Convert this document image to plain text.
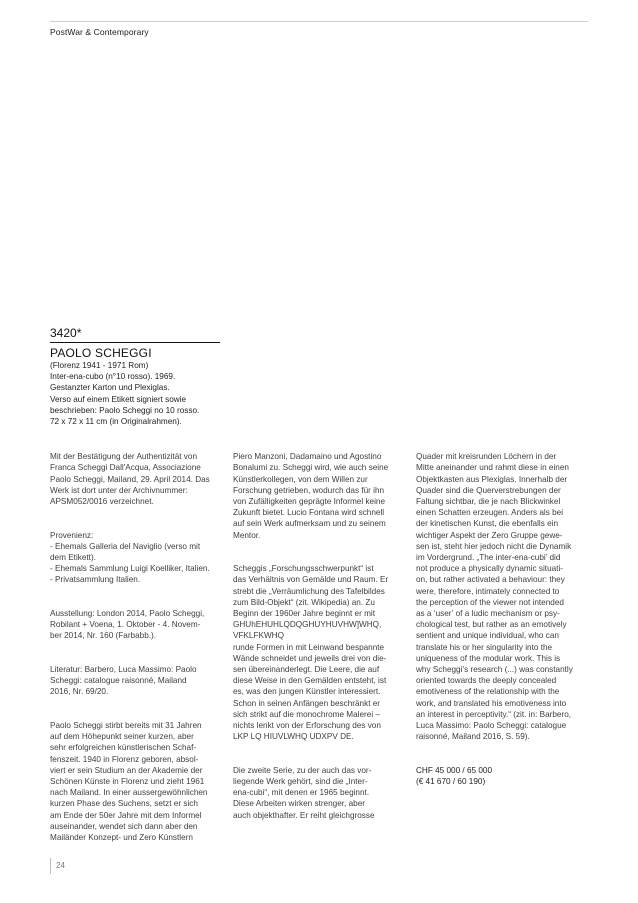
PostWar & Contemporary
3420*
PAOLO SCHEGGI
(Florenz 1941 - 1971 Rom)
Inter-ena-cubo (n°10 rosso). 1969.
Gestanzter Karton und Plexiglas.
Verso auf einem Etikett signiert sowie
beschrieben: Paolo Scheggi no 10 rosso.
72 x 72 x 11 cm (in Originalrahmen).

Mit der Bestätigung der Authentizität von
Franca Scheggi Dall'Acqua, Associazione
Paolo Scheggi, Mailand, 29. April 2014. Das
Werk ist dort unter der Archivnummer:
APSM052/0016 verzeichnet.

Provenienz:
- Ehemals Galleria del Naviglio (verso mit
dem Etikett).
- Ehemals Sammlung Luigi Koelliker, Italien.
- Privatsammlung Italien.

Ausstellung: London 2014, Paolo Scheggi,
Robilant + Voena, 1. Oktober - 4. Novem-
ber 2014, Nr. 160 (Farbabb.).

Literatur: Barbero, Luca Massimo: Paolo
Scheggi: catalogue raisonné, Mailand
2016, Nr. 69/20.

Paolo Scheggi stirbt bereits mit 31 Jahren
auf dem Höhepunkt seiner kurzen, aber
sehr erfolgreichen künstlerischen Schaf-
fenszeit. 1940 in Florenz geboren, absol-
viert er sein Studium an der Akademie der
Schönen Künste in Florenz und zieht 1961
nach Mailand. In einer aussergewöhnlichen
kurzen Phase des Suchens, setzt er sich
am Ende der 50er Jahre mit dem Informel
auseinander, wendet sich dann aber den
Mailänder Konzept- und Zero Künstlern

Piero Manzoni, Dadamaino und Agostino
Bonalumi zu. Scheggi wird, wie auch seine
Künstlerkollegen, von dem Willen zur
Forschung getrieben, wodurch das für ihn
von Zufälligkeiten geprägte Informel keine
Zukunft bietet. Lucio Fontana wird schnell
auf sein Werk aufmerksam und zu seinem
Mentor.

Scheggis „Forschungsschwerpunkt“ ist
das Verhältnis von Gemälde und Raum. Er
strebt die „Verräumlichung des Tafelbildes
zum Bild-Objekt“ (zit. Wikipedia) an. Zu
Beginn der 1960er Jahre beginnt er mit
GHUhEHUHLQDQGHUYHUVHW]WHQ, VFKLFKWHQ
runde Formen in mit Leinwand bespannte
Wände schneidet und jeweils drei von die-
sen übereinanderlegt. Die Leere, die auf
diese Weise in den Gemälden entsteht, ist
es, was den jungen Künstler interessiert.
Schon in seinen Anfängen beschränkt er
sich strikt auf die monochrome Malerei –
nichts lenkt von der Erforschung des von
LKP LQ HIUVLWHQ UDXPV DE.

Die zweite Serie, zu der auch das vor-
liegende Werk gehört, sind die „Inter-
ena-cubi“, mit denen er 1965 beginnt.
Diese Arbeiten wirken strenger, aber
auch objekthafter. Er reiht gleichgrosse

Quader mit kreisrunden Löchern in der
Mitte aneinander und rahmt diese in einen
Objektkasten aus Plexiglas. Innerhalb der
Quader sind die Querverstrebungen der
Faltung sichtbar, die je nach Blickwinkel
einen Schatten erzeugen. Anders als bei
der kinetischen Kunst, die ebenfalls ein
wichtiger Aspekt der Zero Gruppe gewe-
sen ist, steht hier jedoch nicht die Dynamik
im Vordergrund. „The inter-ena-cubi’ did
not produce a physically dynamic situati-
on, but rather activated a behaviour: they
were, therefore, intimately connected to
the perception of the viewer not intended
as a ‘user’ of a ludic mechanism or psy-
chological test, but rather as an emotively
sentient and unique individual, who can
translate his or her singularity into the
uniqueness of the modular work. This is
why Scheggi’s research (...) was constantly
oriented towards the deeply concealed
emotiveness of the relationship with the
work, and translated his emotiveness into
an interest in perceptivity.“ (zit. in: Barbero,
Luca Massimo: Paolo Scheggi: catalogue
raisonné, Mailand 2016, S. 59).

CHF 45 000 / 65 000
(€ 41 670 / 60 190)

24
